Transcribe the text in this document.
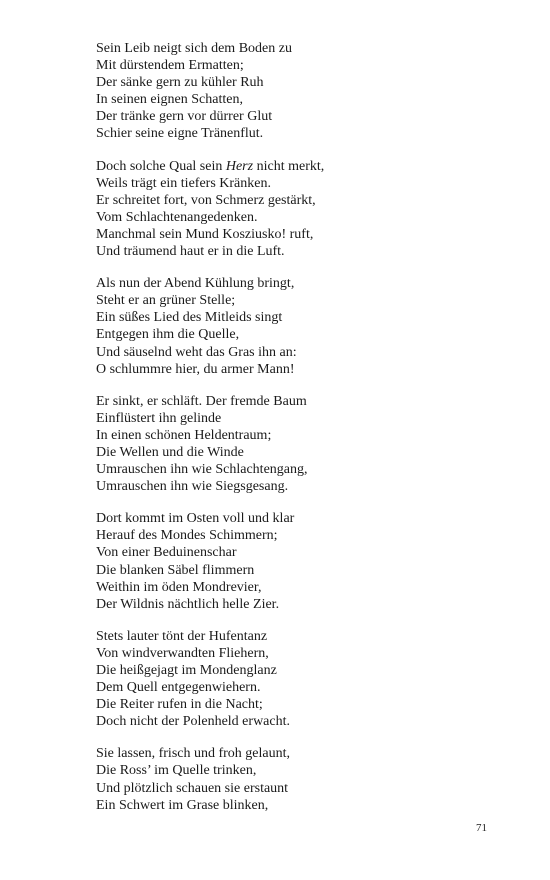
Sein Leib neigt sich dem Boden zu
Mit dürstendem Ermatten;
Der sänke gern zu kühler Ruh
In seinen eignen Schatten,
Der tränke gern vor dürrer Glut
Schier seine eigne Tränenflut.
Doch solche Qual sein Herz nicht merkt,
Weils trägt ein tiefers Kränken.
Er schreitet fort, von Schmerz gestärkt,
Vom Schlachtenangedenken.
Manchmal sein Mund Kosziusko! ruft,
Und träumend haut er in die Luft.
Als nun der Abend Kühlung bringt,
Steht er an grüner Stelle;
Ein süßes Lied des Mitleids singt
Entgegen ihm die Quelle,
Und säuselnd weht das Gras ihn an:
O schlummre hier, du armer Mann!
Er sinkt, er schläft. Der fremde Baum
Einflüstert ihn gelinde
In einen schönen Heldentraum;
Die Wellen und die Winde
Umrauschen ihn wie Schlachtengang,
Umrauschen ihn wie Siegsgesang.
Dort kommt im Osten voll und klar
Herauf des Mondes Schimmern;
Von einer Beduinenschar
Die blanken Säbel flimmern
Weithin im öden Mondrevier,
Der Wildnis nächtlich helle Zier.
Stets lauter tönt der Hufentanz
Von windverwandten Fliehern,
Die heißgejagt im Mondenglanz
Dem Quell entgegenwiehern.
Die Reiter rufen in die Nacht;
Doch nicht der Polenheld erwacht.
Sie lassen, frisch und froh gelaunt,
Die Ross’ im Quelle trinken,
Und plötzlich schauen sie erstaunt
Ein Schwert im Grase blinken,
71
